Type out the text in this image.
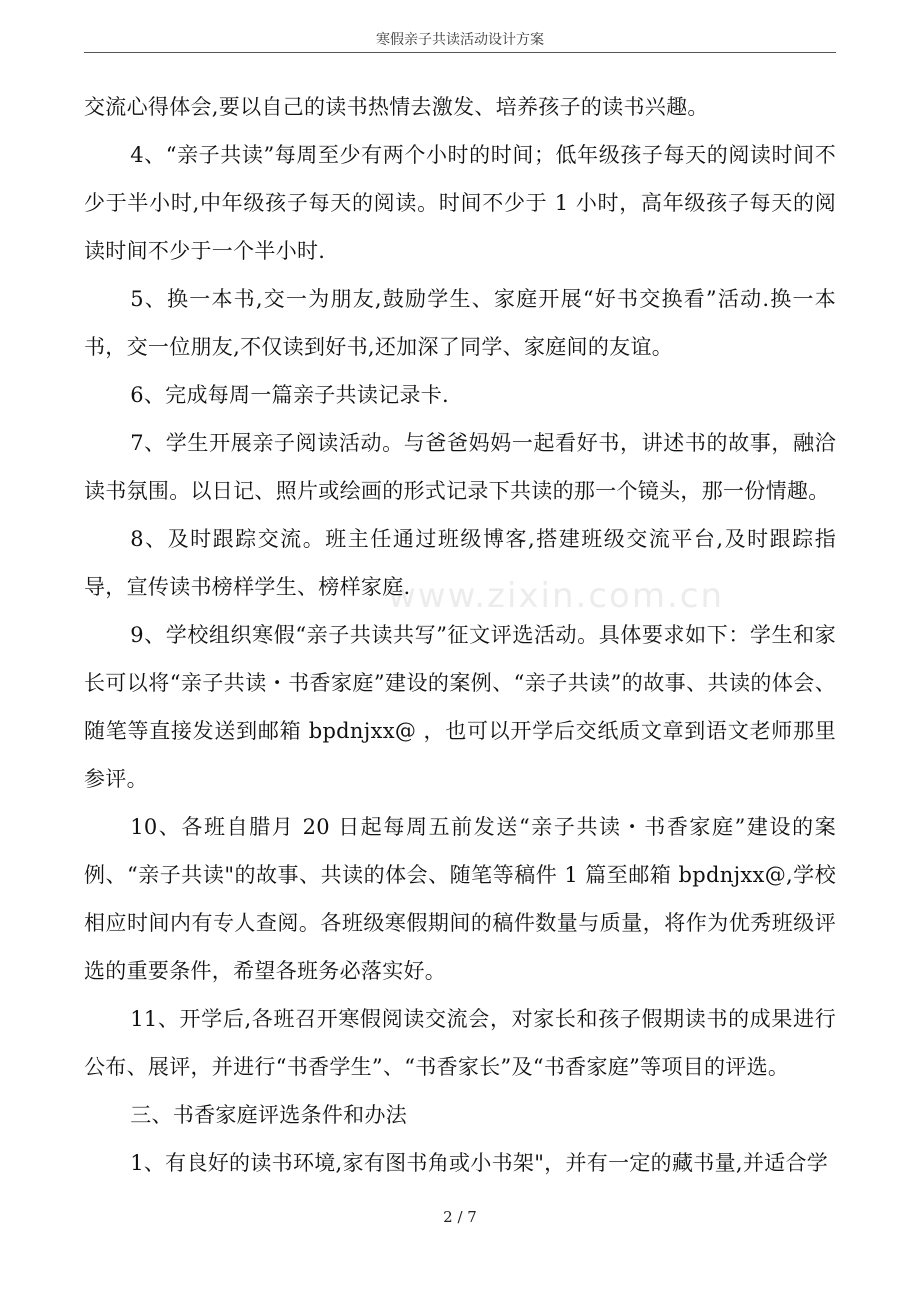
寒假亲子共读活动设计方案
www.zixin.com.cn

交流心得体会,要以自己的读书热情去激发、培养孩子的读书兴趣。

4、“亲子共读”每周至少有两个小时的时间；低年级孩子每天的阅读时间不少于半小时,中年级孩子每天的阅读。时间不少于 1 小时，高年级孩子每天的阅读时间不少于一个半小时.

5、换一本书,交一为朋友,鼓励学生、家庭开展“好书交换看”活动.换一本书，交一位朋友,不仅读到好书,还加深了同学、家庭间的友谊。

6、完成每周一篇亲子共读记录卡.

7、学生开展亲子阅读活动。与爸爸妈妈一起看好书，讲述书的故事，融洽读书氛围。以日记、照片或绘画的形式记录下共读的那一个镜头，那一份情趣。

8、及时跟踪交流。班主任通过班级博客,搭建班级交流平台,及时跟踪指导，宣传读书榜样学生、榜样家庭.

9、学校组织寒假“亲子共读共写”征文评选活动。具体要求如下：学生和家长可以将“亲子共读・书香家庭”建设的案例、“亲子共读”的故事、共读的体会、随笔等直接发送到邮箱 bpdnjxx@ ，也可以开学后交纸质文章到语文老师那里参评。

10、各班自腊月 20 日起每周五前发送“亲子共读・书香家庭”建设的案例、“亲子共读"的故事、共读的体会、随笔等稿件 1 篇至邮箱 bpdnjxx@,学校相应时间内有专人查阅。各班级寒假期间的稿件数量与质量，将作为优秀班级评选的重要条件，希望各班务必落实好。

11、开学后,各班召开寒假阅读交流会，对家长和孩子假期读书的成果进行公布、展评，并进行“书香学生”、“书香家长”及“书香家庭”等项目的评选。

三、书香家庭评选条件和办法

1、有良好的读书环境,家有图书角或小书架"，并有一定的藏书量,并适合学

2 / 7
